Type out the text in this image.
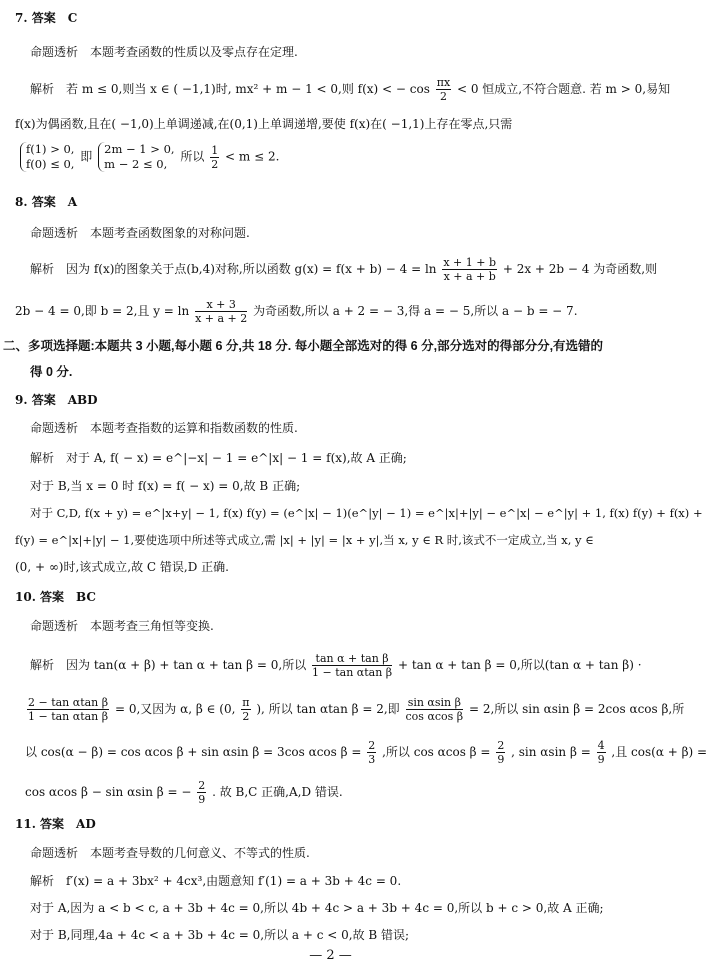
7. 答案　C
命题透析　本题考查函数的性质以及零点存在定理.
解析　若 m ≤ 0,则当 x ∈ ( −1,1)时, mx² + m − 1 < 0,则 f(x) < − $\cos \frac{\pi x}{2} < 0$ 恒成立,不符合题意. 若 m > 0,易知
f(x)为偶函数,且在( −1,0)上单调递减,在(0,1)上单调递增,要使 f(x)在( −1,1)上存在零点,只需
f(1) > 0,
f(0) ≤ 0,
即
2m − 1 > 0,
m − 2 ≤ 0,
所以 $\frac{1}{2} < m \le 2$.
8. 答案　A
命题透析　本题考查函数图象的对称问题.
解析　因为 f(x)的图象关于点(b,4)对称,所以函数 $g(x) = f(x + b) - 4 = \ln \frac{x + 1 + b}{x + a + b} + 2x + 2b - 4$ 为奇函数,则
2b − 4 = 0,即 b = 2,且 $y = \ln \frac{x + 3}{x + a + 2}$ 为奇函数,所以 a + 2 = − 3,得 a = − 5,所以 a − b = − 7.
二、多项选择题:本题共 3 小题,每小题 6 分,共 18 分. 每小题全部选对的得 6 分,部分选对的得部分分,有选错的
得 0 分.
9. 答案　ABD
命题透析　本题考查指数的运算和指数函数的性质.
解析　对于 A, f( − x) = e^|−x| − 1 = e^|x| − 1 = f(x),故 A 正确;
对于 B,当 x = 0 时 f(x) = f( − x) = 0,故 B 正确;
对于 C,D, f(x + y) = e^|x+y| − 1, f(x) f(y) = (e^|x| − 1)(e^|y| − 1) = e^|x|+|y| − e^|x| − e^|y| + 1, f(x) f(y) + f(x) +
f(y) = e^|x|+|y| − 1,要使选项中所述等式成立,需 |x| + |y| = |x + y|,当 x, y ∈ R 时,该式不一定成立,当 x, y ∈
(0, + ∞)时,该式成立,故 C 错误,D 正确.
10. 答案　BC
命题透析　本题考查三角恒等变换.
解析　因为 tan(α + β) + tan α + tan β = 0,所以 $\frac{\text{tan α + tan β}}{\text{1 − tan αtan β}} + \tan \alpha + \tan \beta = 0$,所以(tan α + tan β) ·
$\frac{\text{2 − tan αtan β}}{\text{1 − tan αtan β}} = 0$,又因为 α, β ∈ (0, $\frac{\pi}{2}$ ), 所以 tan αtan β = 2,即 $\frac{\text{sin αsin β}}{\text{cos αcos β}} = 2$,所以 sin αsin β = 2cos αcos β,所
以 cos(α − β) = cos αcos β + sin αsin β = 3cos αcos $\beta = \frac{2}{3}$ ,所以 cos αcos $\beta = \frac{2}{9}$ , sin αsin $\beta = \frac{4}{9}$ ,且 cos(α + β) =
cos αcos β − sin αsin β = − $\frac{2}{9}$ . 故 B,C 正确,A,D 错误.
11. 答案　AD
命题透析　本题考查导数的几何意义、不等式的性质.
解析　f′(x) = a + 3bx² + 4cx³,由题意知 f′(1) = a + 3b + 4c = 0.
对于 A,因为 a < b < c, a + 3b + 4c = 0,所以 4b + 4c > a + 3b + 4c = 0,所以 b + c > 0,故 A 正确;
对于 B,同理,4a + 4c < a + 3b + 4c = 0,所以 a + c < 0,故 B 错误;
— 2 —
